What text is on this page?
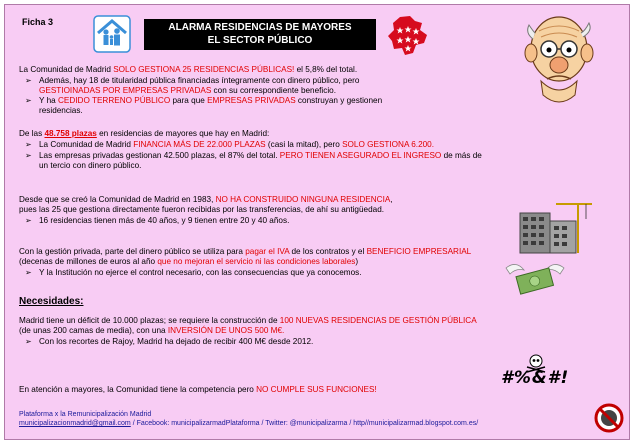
Ficha 3	ALARMA RESIDENCIAS DE MAYORES
EL SECTOR PÚBLICO
La Comunidad de Madrid SOLO GESTIONA 25 RESIDENCIAS PÚBLICAS! el 5,8% del total.
➢ Además, hay 18 de titularidad pública financiadas íntegramente con dinero público, pero
GESTIOINADAS POR EMPRESAS PRIVADAS con su correspondiente beneficio.
➢ Y ha CEDIDO TERRENO PÚBLICO para que EMPRESAS PRIVADAS construyan y gestionen
residencias.
De las 48.758 plazas en residencias de mayores que hay en Madrid:
➢ La Comunidad de Madrid FINANCIA MÁS DE 22.000 PLAZAS (casi la mitad), pero SOLO GESTIONA 6.200.
➢ Las empresas privadas gestionan 42.500 plazas, el 87% del total. PERO TIENEN ASEGURADO EL INGRESO de más de
un tercio con dinero público.
Desde que se creó la Comunidad de Madrid en 1983, NO HA CONSTRUIDO NINGUNA RESIDENCIA,
pues las 25 que gestiona directamente fueron recibidas por las transferencias, de ahí su antigüedad.
➢ 16 residencias tienen más de 40 años, y 9 tienen entre 20 y 40 años.
Con la gestión privada, parte del dinero público se utiliza para pagar el IVA de los contratos y el BENEFICIO EMPRESARIAL
(decenas de millones de euros al año que no mejoran el servicio ni las condiciones laborales)
➢ Y la Institución no ejerce el control necesario, con las consecuencias que ya conocemos.
Necesidades:
Madrid tiene un déficit de 10.000 plazas; se requiere la construcción de 100 NUEVAS RESIDENCIAS DE GESTIÓN PÚBLICA
(de unas 200 camas de media), con una INVERSIÓN DE UNOS 500 M€.
➢ Con los recortes de Rajoy, Madrid ha dejado de recibir 400 M€ desde 2012.
#%&#!
En atención a mayores, la Comunidad tiene la competencia pero NO CUMPLE SUS FUNCIONES!
Plataforma x la Remunicipalización Madrid
municipalizacionmadrid@gmail.com / Facebook: municipalizarmadPlataforma / Twitter: @municipalizarma / http//municipalizarmad.blogspot.com.es/
